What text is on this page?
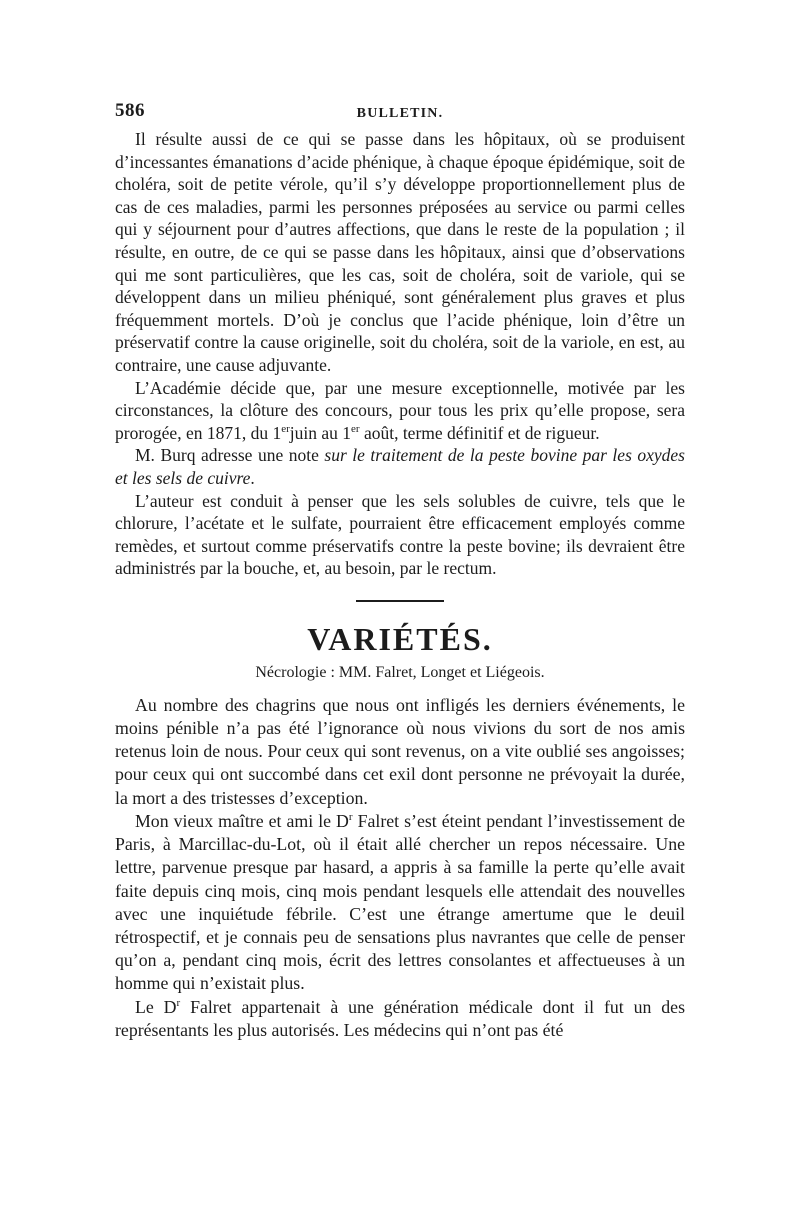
586	BULLETIN.

Il résulte aussi de ce qui se passe dans les hôpitaux, où se produisent d’incessantes émanations d’acide phénique, à chaque époque épidémique, soit de choléra, soit de petite vérole, qu’il s’y développe proportionnellement plus de cas de ces maladies, parmi les personnes préposées au service ou parmi celles qui y séjournent pour d’autres affections, que dans le reste de la population ; il résulte, en outre, de ce qui se passe dans les hôpitaux, ainsi que d’observations qui me sont particulières, que les cas, soit de choléra, soit de variole, qui se développent dans un milieu phéniqué, sont généralement plus graves et plus fréquemment mortels. D’où je conclus que l’acide phénique, loin d’être un préservatif contre la cause originelle, soit du choléra, soit de la variole, en est, au contraire, une cause adjuvante.

L’Académie décide que, par une mesure exceptionnelle, motivée par les circonstances, la clôture des concours, pour tous les prix qu’elle propose, sera prorogée, en 1871, du 1erjuin au 1er août, terme définitif et de rigueur.

M. Burq adresse une note sur le traitement de la peste bovine par les oxydes et les sels de cuivre.

L’auteur est conduit à penser que les sels solubles de cuivre, tels que le chlorure, l’acétate et le sulfate, pourraient être efficacement employés comme remèdes, et surtout comme préservatifs contre la peste bovine; ils devraient être administrés par la bouche, et, au besoin, par le rectum.

VARIÉTÉS.
Nécrologie : MM. Falret, Longet et Liégeois.

Au nombre des chagrins que nous ont infligés les derniers événements, le moins pénible n’a pas été l’ignorance où nous vivions du sort de nos amis retenus loin de nous. Pour ceux qui sont revenus, on a vite oublié ses angoisses; pour ceux qui ont succombé dans cet exil dont personne ne prévoyait la durée, la mort a des tristesses d’exception.

Mon vieux maître et ami le $D^r$ Falret s’est éteint pendant l’investissement de Paris, à Marcillac-du-Lot, où il était allé chercher un repos nécessaire. Une lettre, parvenue presque par hasard, a appris à sa famille la perte qu’elle avait faite depuis cinq mois, cinq mois pendant lesquels elle attendait des nouvelles avec une inquiétude fébrile. C’est une étrange amertume que le deuil rétrospectif, et je connais peu de sensations plus navrantes que celle de penser qu’on a, pendant cinq mois, écrit des lettres consolantes et affectueuses à un homme qui n’existait plus.

Le $D^r$ Falret appartenait à une génération médicale dont il fut un des représentants les plus autorisés. Les médecins qui n’ont pas été
